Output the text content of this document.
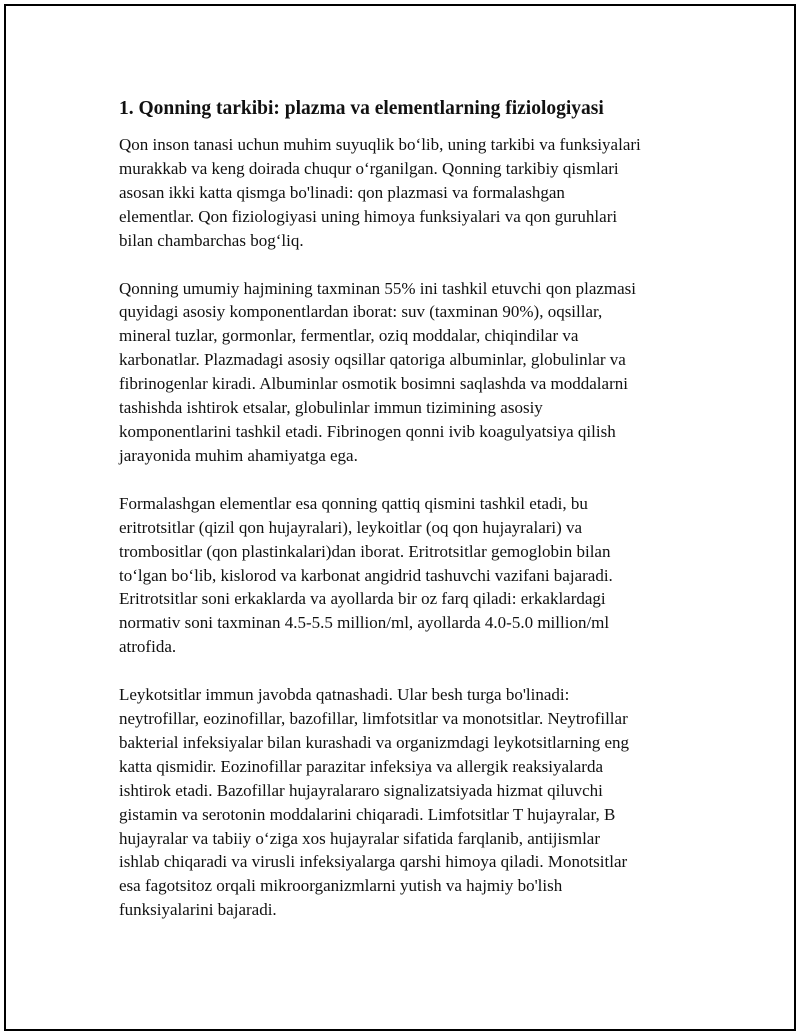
1. Qonning tarkibi: plazma va elementlarning fiziologiyasi

Qon inson tanasi uchun muhim suyuqlik bo‘lib, uning tarkibi va funksiyalari
murakkab va keng doirada chuqur o‘rganilgan. Qonning tarkibiy qismlari
asosan ikki katta qismga bo'linadi: qon plazmasi va formalashgan
elementlar. Qon fiziologiyasi uning himoya funksiyalari va qon guruhlari
bilan chambarchas bog‘liq.

Qonning umumiy hajmining taxminan 55% ini tashkil etuvchi qon plazmasi
quyidagi asosiy komponentlardan iborat: suv (taxminan 90%), oqsillar,
mineral tuzlar, gormonlar, fermentlar, oziq moddalar, chiqindilar va
karbonatlar. Plazmadagi asosiy oqsillar qatoriga albuminlar, globulinlar va
fibrinogenlar kiradi. Albuminlar osmotik bosimni saqlashda va moddalarni
tashishda ishtirok etsalar, globulinlar immun tizimining asosiy
komponentlarini tashkil etadi. Fibrinogen qonni ivib koagulyatsiya qilish
jarayonida muhim ahamiyatga ega.

Formalashgan elementlar esa qonning qattiq qismini tashkil etadi, bu
eritrotsitlar (qizil qon hujayralari), leykoitlar (oq qon hujayralari) va
trombositlar (qon plastinkalari)dan iborat. Eritrotsitlar gemoglobin bilan
to‘lgan bo‘lib, kislorod va karbonat angidrid tashuvchi vazifani bajaradi.
Eritrotsitlar soni erkaklarda va ayollarda bir oz farq qiladi: erkaklardagi
normativ soni taxminan 4.5-5.5 million/ml, ayollarda 4.0-5.0 million/ml
atrofida.

Leykotsitlar immun javobda qatnashadi. Ular besh turga bo'linadi:
neytrofillar, eozinofillar, bazofillar, limfotsitlar va monotsitlar. Neytrofillar
bakterial infeksiyalar bilan kurashadi va organizmdagi leykotsitlarning eng
katta qismidir. Eozinofillar parazitar infeksiya va allergik reaksiyalarda
ishtirok etadi. Bazofillar hujayralararo signalizatsiyada hizmat qiluvchi
gistamin va serotonin moddalarini chiqaradi. Limfotsitlar T hujayralar, B
hujayralar va tabiiy o‘ziga xos hujayralar sifatida farqlanib, antijismlar
ishlab chiqaradi va virusli infeksiyalarga qarshi himoya qiladi. Monotsitlar
esa fagotsitoz orqali mikroorganizmlarni yutish va hajmiy bo'lish
funksiyalarini bajaradi.
